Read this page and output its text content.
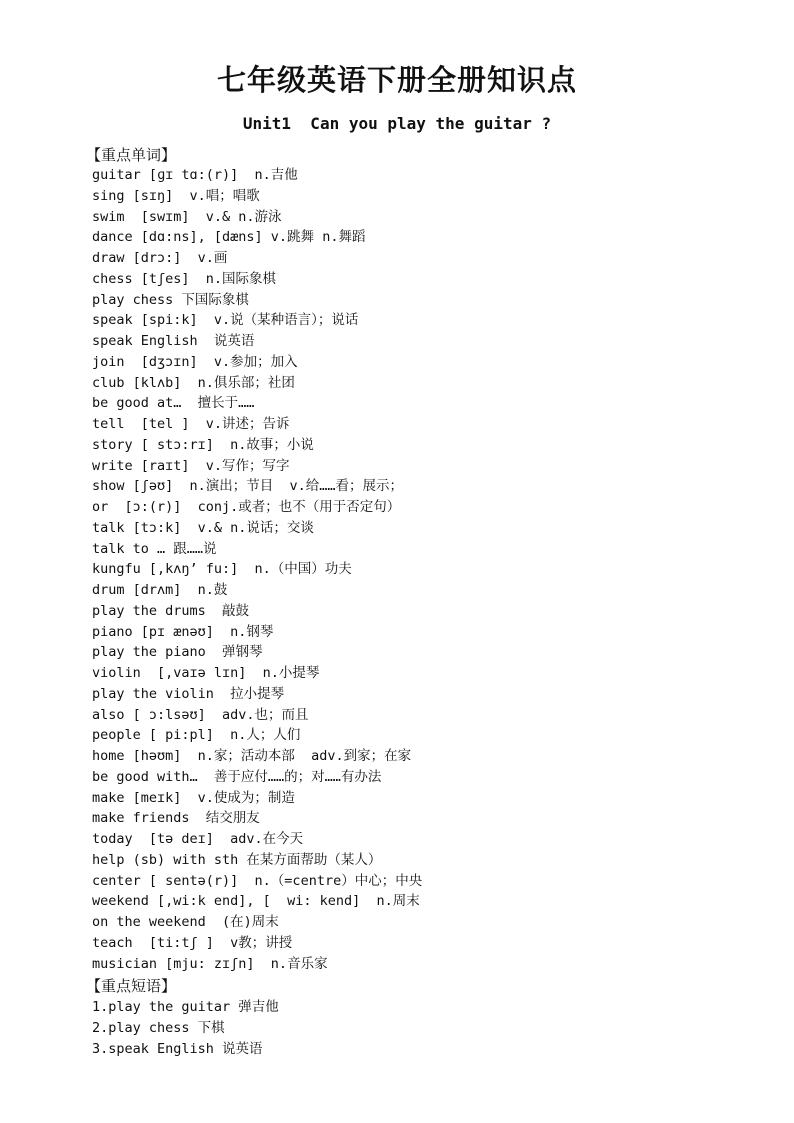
七年级英语下册全册知识点
Unit1  Can you play the guitar ?
【重点单词】
guitar [ɡɪ tɑ:(r)]  n.吉他
sing [sɪŋ]  v.唱；唱歌
swim  [swɪm]  v.& n.游泳
dance [dɑ:ns], [dæns] v.跳舞 n.舞蹈
draw [drɔ:]  v.画
chess [tʃes]  n.国际象棋
play chess 下国际象棋
speak [spi:k]  v.说（某种语言）；说话
speak English  说英语
join  [dʒɔɪn]  v.参加；加入
club [klʌb]  n.俱乐部；社团
be good at…  擅长于……
tell  [tel ]  v.讲述；告诉
story [ stɔ:rɪ]  n.故事；小说
write [raɪt]  v.写作；写字
show [ʃəʊ]  n.演出；节目  v.给……看；展示；
or  [ɔ:(r)]  conj.或者；也不（用于否定句）
talk [tɔ:k]  v.& n.说话；交谈
talk to … 跟……说
kungfu [,kʌŋ’ fu:]  n.（中国）功夫
drum [drʌm]  n.鼓
play the drums  敲鼓
piano [pɪ ænəʊ]  n.钢琴
play the piano  弹钢琴
violin  [,vaɪə lɪn]  n.小提琴
play the violin  拉小提琴
also [ ɔ:lsəʊ]  adv.也；而且
people [ pi:pl]  n.人；人们
home [həʊm]  n.家；活动本部  adv.到家；在家
be good with…  善于应付……的；对……有办法
make [meɪk]  v.使成为；制造
make friends  结交朋友
today  [tə deɪ]  adv.在今天
help (sb) with sth 在某方面帮助（某人）
center [ sentə(r)]  n.（=centre）中心；中央
weekend [,wi:k end], [  wi: kend]  n.周末
on the weekend  (在)周末
teach  [ti:tʃ ]  v教；讲授
musician [mju: zɪʃn]  n.音乐家
【重点短语】
1.play the guitar 弹吉他
2.play chess 下棋
3.speak English 说英语
